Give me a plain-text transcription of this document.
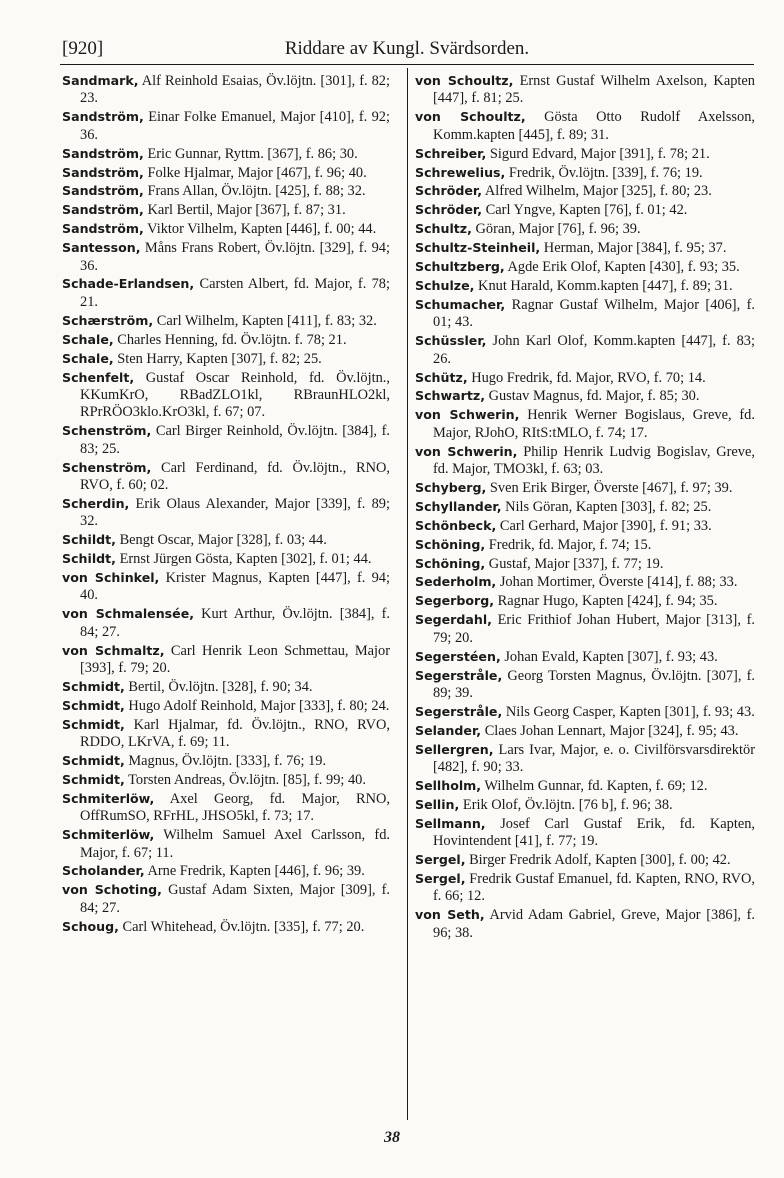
[920]	Riddare av Kungl. Svärdsorden.
Sandmark, Alf Reinhold Esaias, Öv.löjtn. [301], f. 82; 23.
Sandström, Einar Folke Emanuel, Major [410], f. 92; 36.
Sandström, Eric Gunnar, Ryttm. [367], f. 86; 30.
Sandström, Folke Hjalmar, Major [467], f. 96; 40.
Sandström, Frans Allan, Öv.löjtn. [425], f. 88; 32.
Sandström, Karl Bertil, Major [367], f. 87; 31.
Sandström, Viktor Vilhelm, Kapten [446], f. 00; 44.
Santesson, Måns Frans Robert, Öv.löjtn. [329], f. 94; 36.
Schade-Erlandsen, Carsten Albert, fd. Major, f. 78; 21.
Schærström, Carl Wilhelm, Kapten [411], f. 83; 32.
Schale, Charles Henning, fd. Öv.löjtn. f. 78; 21.
Schale, Sten Harry, Kapten [307], f. 82; 25.
Schenfelt, Gustaf Oscar Reinhold, fd. Öv.löjtn., KKumKrO, RBadZLO1kl, RBraunHLO2kl, RPrRÖO3klo.KrO3kl, f. 67; 07.
Schenström, Carl Birger Reinhold, Öv.löjtn. [384], f. 83; 25.
Schenström, Carl Ferdinand, fd. Öv.löjtn., RNO, RVO, f. 60; 02.
Scherdin, Erik Olaus Alexander, Major [339], f. 89; 32.
Schildt, Bengt Oscar, Major [328], f. 03; 44.
Schildt, Ernst Jürgen Gösta, Kapten [302], f. 01; 44.
von Schinkel, Krister Magnus, Kapten [447], f. 94; 40.
von Schmalensée, Kurt Arthur, Öv.löjtn. [384], f. 84; 27.
von Schmaltz, Carl Henrik Leon Schmettau, Major [393], f. 79; 20.
Schmidt, Bertil, Öv.löjtn. [328], f. 90; 34.
Schmidt, Hugo Adolf Reinhold, Major [333], f. 80; 24.
Schmidt, Karl Hjalmar, fd. Öv.löjtn., RNO, RVO, RDDO, LKrVA, f. 69; 11.
Schmidt, Magnus, Öv.löjtn. [333], f. 76; 19.
Schmidt, Torsten Andreas, Öv.löjtn. [85], f. 99; 40.
Schmiterlöw, Axel Georg, fd. Major, RNO, OffRumSO, RFrHL, JHSO5kl, f. 73; 17.
Schmiterlöw, Wilhelm Samuel Axel Carlsson, fd. Major, f. 67; 11.
Scholander, Arne Fredrik, Kapten [446], f. 96; 39.
von Schoting, Gustaf Adam Sixten, Major [309], f. 84; 27.
Schoug, Carl Whitehead, Öv.löjtn. [335], f. 77; 20.
von Schoultz, Ernst Gustaf Wilhelm Axelson, Kapten [447], f. 81; 25.
von Schoultz, Gösta Otto Rudolf Axelsson, Komm.kapten [445], f. 89; 31.
Schreiber, Sigurd Edvard, Major [391], f. 78; 21.
Schrewelius, Fredrik, Öv.löjtn. [339], f. 76; 19.
Schröder, Alfred Wilhelm, Major [325], f. 80; 23.
Schröder, Carl Yngve, Kapten [76], f. 01; 42.
Schultz, Göran, Major [76], f. 96; 39.
Schultz-Steinheil, Herman, Major [384], f. 95; 37.
Schultzberg, Agde Erik Olof, Kapten [430], f. 93; 35.
Schulze, Knut Harald, Komm.kapten [447], f. 89; 31.
Schumacher, Ragnar Gustaf Wilhelm, Major [406], f. 01; 43.
Schüssler, John Karl Olof, Komm.kapten [447], f. 83; 26.
Schütz, Hugo Fredrik, fd. Major, RVO, f. 70; 14.
Schwartz, Gustav Magnus, fd. Major, f. 85; 30.
von Schwerin, Henrik Werner Bogislaus, Greve, fd. Major, RJohO, RItS:tMLO, f. 74; 17.
von Schwerin, Philip Henrik Ludvig Bogislav, Greve, fd. Major, TMO3kl, f. 63; 03.
Schyberg, Sven Erik Birger, Överste [467], f. 97; 39.
Schyllander, Nils Göran, Kapten [303], f. 82; 25.
Schönbeck, Carl Gerhard, Major [390], f. 91; 33.
Schöning, Fredrik, fd. Major, f. 74; 15.
Schöning, Gustaf, Major [337], f. 77; 19.
Sederholm, Johan Mortimer, Överste [414], f. 88; 33.
Segerborg, Ragnar Hugo, Kapten [424], f. 94; 35.
Segerdahl, Eric Frithiof Johan Hubert, Major [313], f. 79; 20.
Segerstéen, Johan Evald, Kapten [307], f. 93; 43.
Segerstråle, Georg Torsten Magnus, Öv.löjtn. [307], f. 89; 39.
Segerstråle, Nils Georg Casper, Kapten [301], f. 93; 43.
Selander, Claes Johan Lennart, Major [324], f. 95; 43.
Sellergren, Lars Ivar, Major, e. o. Civilförsvarsdirektör [482], f. 90; 33.
Sellholm, Wilhelm Gunnar, fd. Kapten, f. 69; 12.
Sellin, Erik Olof, Öv.löjtn. [76 b], f. 96; 38.
Sellmann, Josef Carl Gustaf Erik, fd. Kapten, Hovintendent [41], f. 77; 19.
Sergel, Birger Fredrik Adolf, Kapten [300], f. 00; 42.
Sergel, Fredrik Gustaf Emanuel, fd. Kapten, RNO, RVO, f. 66; 12.
von Seth, Arvid Adam Gabriel, Greve, Major [386], f. 96; 38.
38
